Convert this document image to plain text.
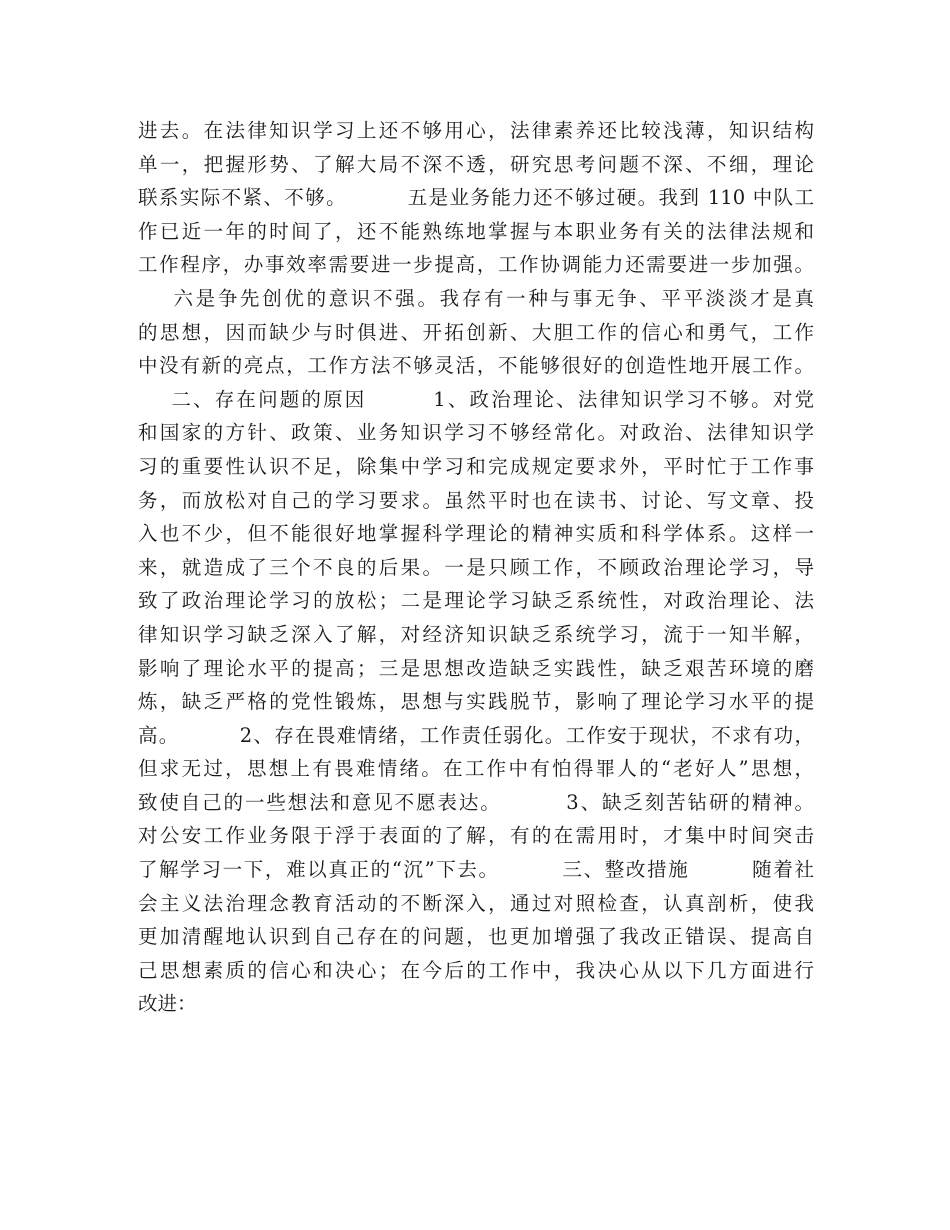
进去。在法律知识学习上还不够用心，法律素养还比较浅薄，知识结构
单一，把握形势、了解大局不深不透，研究思考问题不深、不细，理论
联系实际不紧、不够。        五是业务能力还不够过硬。我到 110 中队工
作已近一年的时间了，还不能熟练地掌握与本职业务有关的法律法规和
工作程序，办事效率需要进一步提高，工作协调能力还需要进一步加强。
六是争先创优的意识不强。我存有一种与事无争、平平淡淡才是真
的思想，因而缺少与时俱进、开拓创新、大胆工作的信心和勇气，工作
中没有新的亮点，工作方法不够灵活，不能够很好的创造性地开展工作。
二、存在问题的原因        1、政治理论、法律知识学习不够。对党
和国家的方针、政策、业务知识学习不够经常化。对政治、法律知识学
习的重要性认识不足，除集中学习和完成规定要求外，平时忙于工作事
务，而放松对自己的学习要求。虽然平时也在读书、讨论、写文章、投
入也不少，但不能很好地掌握科学理论的精神实质和科学体系。这样一
来，就造成了三个不良的后果。一是只顾工作，不顾政治理论学习，导
致了政治理论学习的放松；二是理论学习缺乏系统性，对政治理论、法
律知识学习缺乏深入了解，对经济知识缺乏系统学习，流于一知半解，
影响了理论水平的提高；三是思想改造缺乏实践性，缺乏艰苦环境的磨
炼，缺乏严格的党性锻炼，思想与实践脱节，影响了理论学习水平的提
高。        2、存在畏难情绪，工作责任弱化。工作安于现状，不求有功，
但求无过，思想上有畏难情绪。在工作中有怕得罪人的“老好人”思想，
致使自己的一些想法和意见不愿表达。        3、缺乏刻苦钻研的精神。
对公安工作业务限于浮于表面的了解，有的在需用时，才集中时间突击
了解学习一下，难以真正的“沉”下去。        三、整改措施        随着社
会主义法治理念教育活动的不断深入，通过对照检查，认真剖析，使我
更加清醒地认识到自己存在的问题，也更加增强了我改正错误、提高自
己思想素质的信心和决心；在今后的工作中，我决心从以下几方面进行
改进：
